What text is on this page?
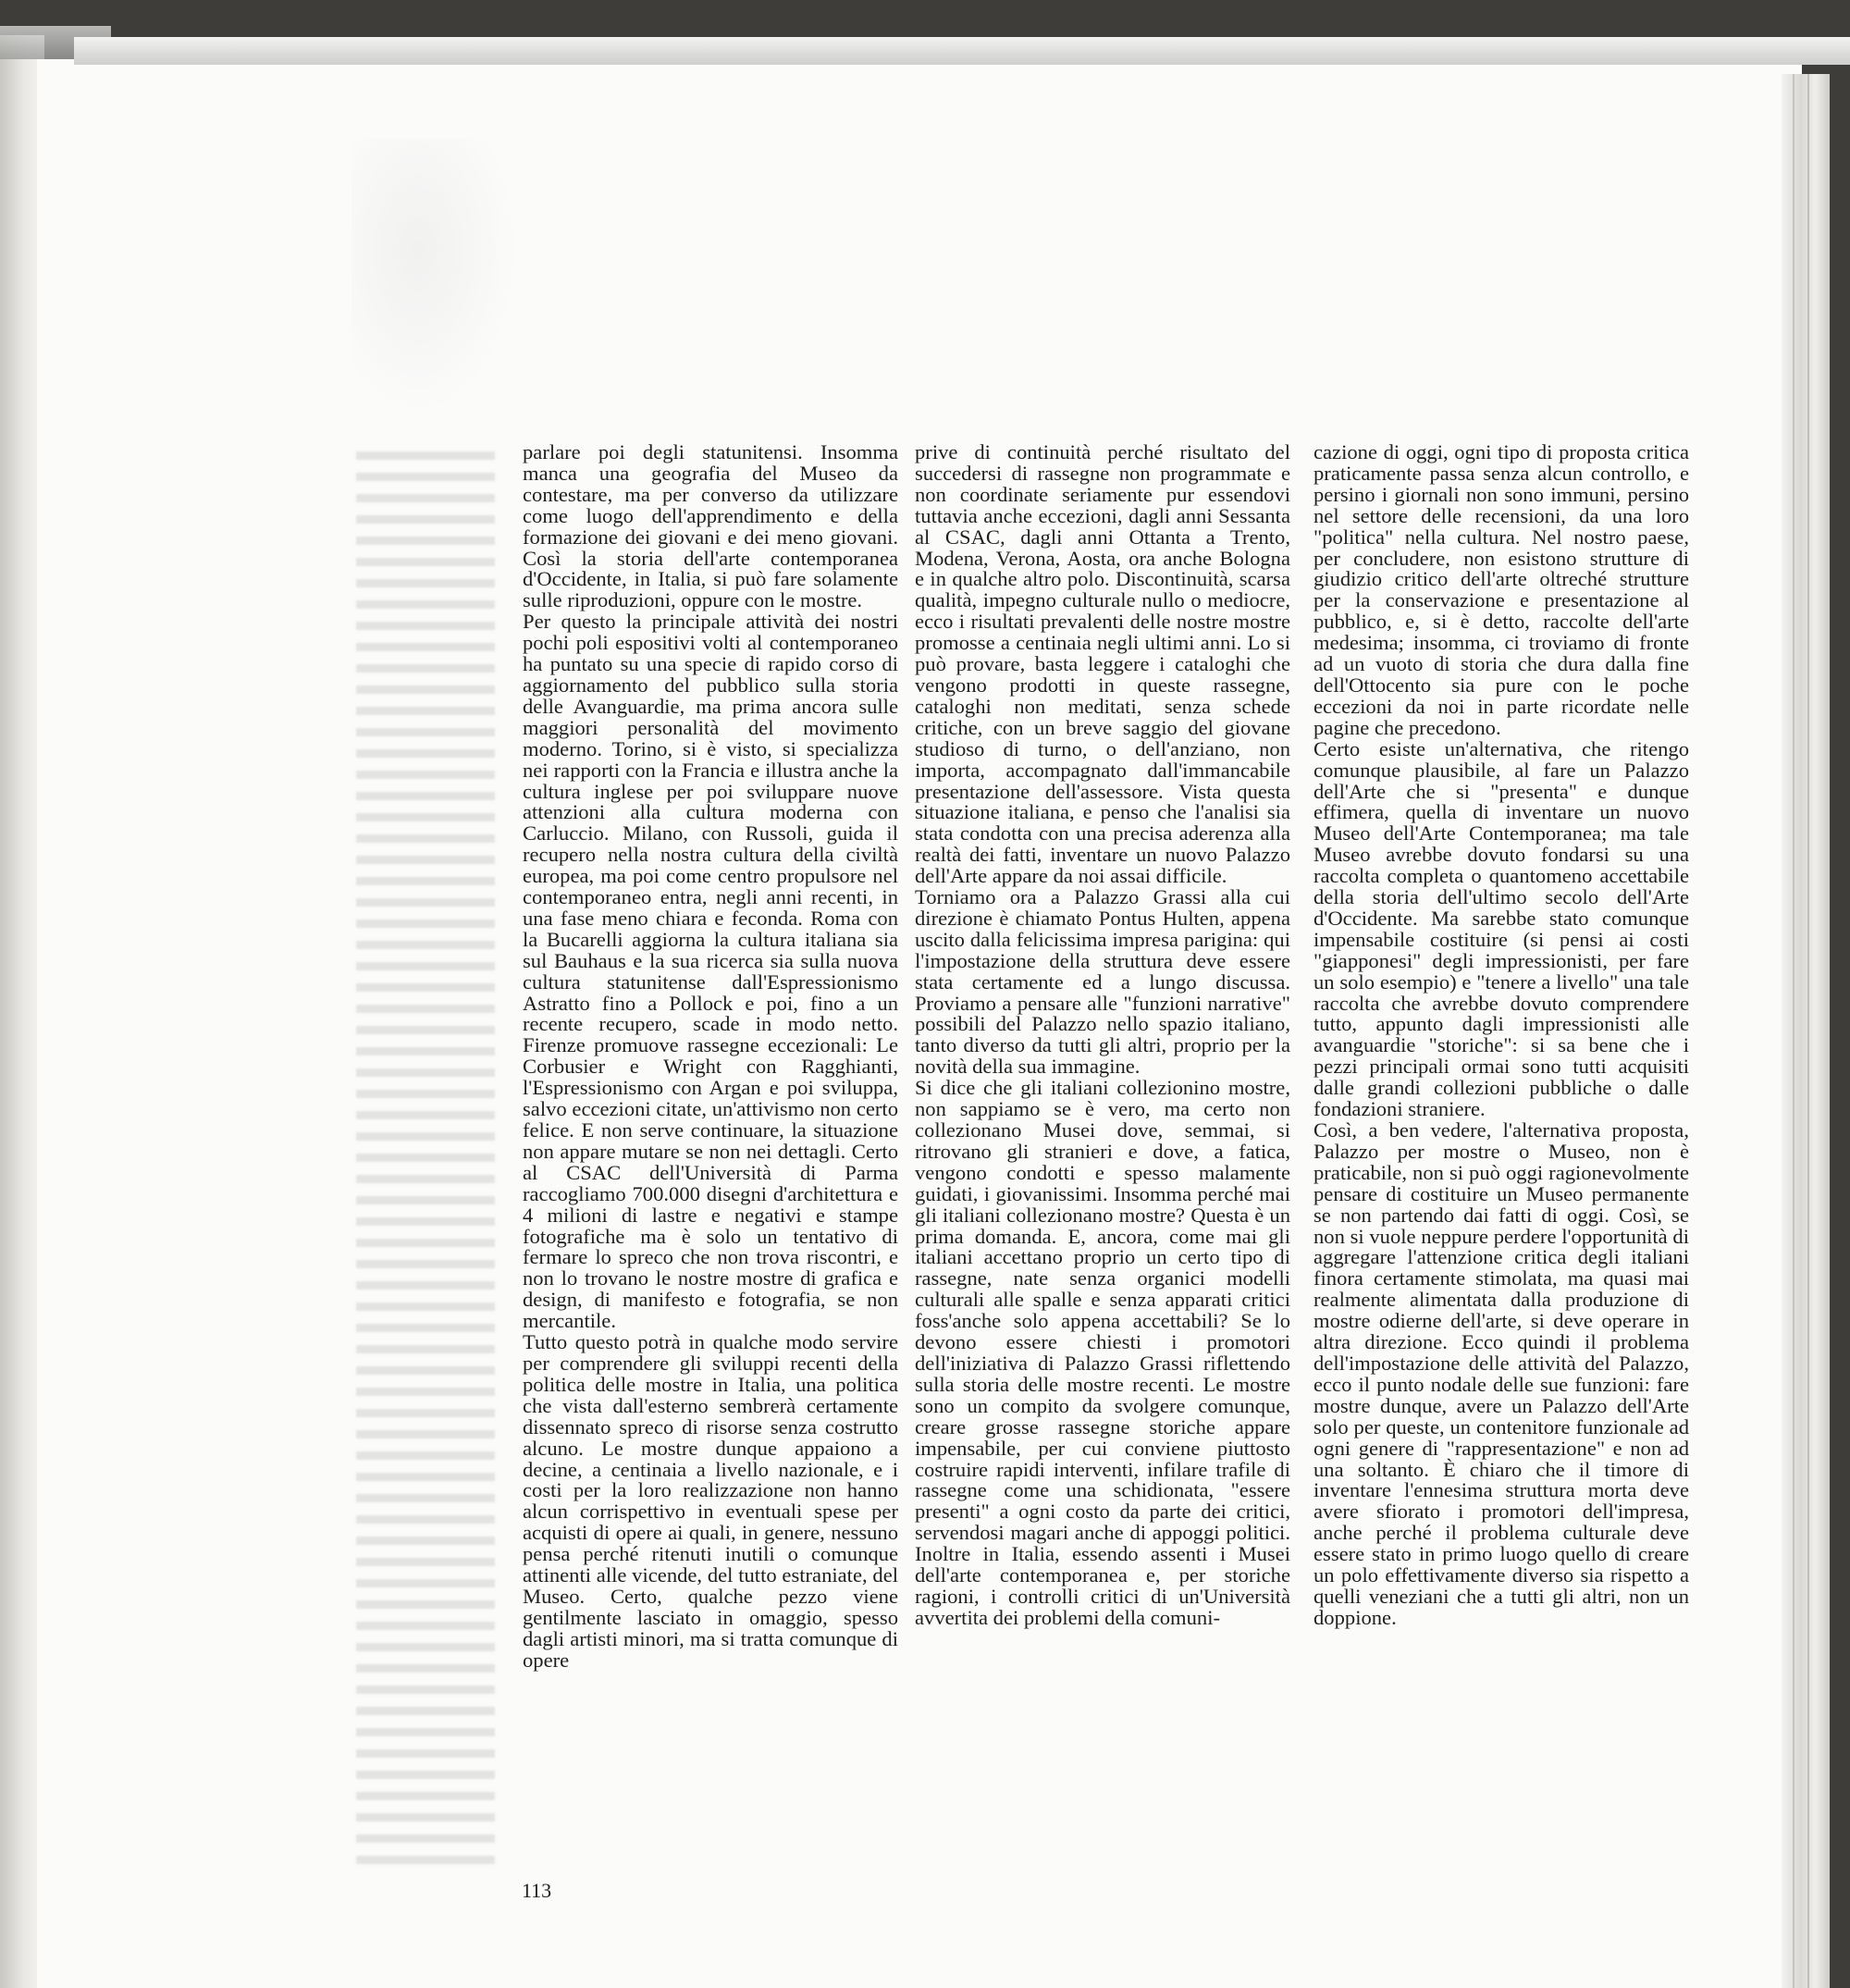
parlare poi degli statunitensi. Insomma manca una geografia del Museo da contestare, ma per converso da utilizzare come luogo dell'apprendimento e della formazione dei giovani e dei meno giovani. Così la storia dell'arte contemporanea d'Occidente, in Italia, si può fare solamente sulle riproduzioni, oppure con le mostre.

Per questo la principale attività dei nostri pochi poli espositivi volti al contemporaneo ha puntato su una specie di rapido corso di aggiornamento del pubblico sulla storia delle Avanguardie, ma prima ancora sulle maggiori personalità del movimento moderno. Torino, si è visto, si specializza nei rapporti con la Francia e illustra anche la cultura inglese per poi sviluppare nuove attenzioni alla cultura moderna con Carluccio. Milano, con Russoli, guida il recupero nella nostra cultura della civiltà europea, ma poi come centro propulsore nel contemporaneo entra, negli anni recenti, in una fase meno chiara e feconda. Roma con la Bucarelli aggiorna la cultura italiana sia sul Bauhaus e la sua ricerca sia sulla nuova cultura statunitense dall'Espressionismo Astratto fino a Pollock e poi, fino a un recente recupero, scade in modo netto. Firenze promuove rassegne eccezionali: Le Corbusier e Wright con Ragghianti, l'Espressionismo con Argan e poi sviluppa, salvo eccezioni citate, un'attivismo non certo felice. E non serve continuare, la situazione non appare mutare se non nei dettagli. Certo al CSAC dell'Università di Parma raccogliamo 700.000 disegni d'architettura e 4 milioni di lastre e negativi e stampe fotografiche ma è solo un tentativo di fermare lo spreco che non trova riscontri, e non lo trovano le nostre mostre di grafica e design, di manifesto e fotografia, se non mercantile.

Tutto questo potrà in qualche modo servire per comprendere gli sviluppi recenti della politica delle mostre in Italia, una politica che vista dall'esterno sembrerà certamente dissennato spreco di risorse senza costrutto alcuno. Le mostre dunque appaiono a decine, a centinaia a livello nazionale, e i costi per la loro realizzazione non hanno alcun corrispettivo in eventuali spese per acquisti di opere ai quali, in genere, nessuno pensa perché ritenuti inutili o comunque attinenti alle vicende, del tutto estraniate, del Museo. Certo, qualche pezzo viene gentilmente lasciato in omaggio, spesso dagli artisti minori, ma si tratta comunque di opere

prive di continuità perché risultato del succedersi di rassegne non programmate e non coordinate seriamente pur essendovi tuttavia anche eccezioni, dagli anni Sessanta al CSAC, dagli anni Ottanta a Trento, Modena, Verona, Aosta, ora anche Bologna e in qualche altro polo. Discontinuità, scarsa qualità, impegno culturale nullo o mediocre, ecco i risultati prevalenti delle nostre mostre promosse a centinaia negli ultimi anni. Lo si può provare, basta leggere i cataloghi che vengono prodotti in queste rassegne, cataloghi non meditati, senza schede critiche, con un breve saggio del giovane studioso di turno, o dell'anziano, non importa, accompagnato dall'immancabile presentazione dell'assessore. Vista questa situazione italiana, e penso che l'analisi sia stata condotta con una precisa aderenza alla realtà dei fatti, inventare un nuovo Palazzo dell'Arte appare da noi assai difficile.

Torniamo ora a Palazzo Grassi alla cui direzione è chiamato Pontus Hulten, appena uscito dalla felicissima impresa parigina: qui l'impostazione della struttura deve essere stata certamente ed a lungo discussa. Proviamo a pensare alle "funzioni narrative" possibili del Palazzo nello spazio italiano, tanto diverso da tutti gli altri, proprio per la novità della sua immagine.

Si dice che gli italiani collezionino mostre, non sappiamo se è vero, ma certo non collezionano Musei dove, semmai, si ritrovano gli stranieri e dove, a fatica, vengono condotti e spesso malamente guidati, i giovanissimi. Insomma perché mai gli italiani collezionano mostre? Questa è un prima domanda. E, ancora, come mai gli italiani accettano proprio un certo tipo di rassegne, nate senza organici modelli culturali alle spalle e senza apparati critici foss'anche solo appena accettabili? Se lo devono essere chiesti i promotori dell'iniziativa di Palazzo Grassi riflettendo sulla storia delle mostre recenti. Le mostre sono un compito da svolgere comunque, creare grosse rassegne storiche appare impensabile, per cui conviene piuttosto costruire rapidi interventi, infilare trafile di rassegne come una schidionata, "essere presenti" a ogni costo da parte dei critici, servendosi magari anche di appoggi politici. Inoltre in Italia, essendo assenti i Musei dell'arte contemporanea e, per storiche ragioni, i controlli critici di un'Università avvertita dei problemi della comuni-

cazione di oggi, ogni tipo di proposta critica praticamente passa senza alcun controllo, e persino i giornali non sono immuni, persino nel settore delle recensioni, da una loro "politica" nella cultura. Nel nostro paese, per concludere, non esistono strutture di giudizio critico dell'arte oltreché strutture per la conservazione e presentazione al pubblico, e, si è detto, raccolte dell'arte medesima; insomma, ci troviamo di fronte ad un vuoto di storia che dura dalla fine dell'Ottocento sia pure con le poche eccezioni da noi in parte ricordate nelle pagine che precedono.

Certo esiste un'alternativa, che ritengo comunque plausibile, al fare un Palazzo dell'Arte che si "presenta" e dunque effimera, quella di inventare un nuovo Museo dell'Arte Contemporanea; ma tale Museo avrebbe dovuto fondarsi su una raccolta completa o quantomeno accettabile della storia dell'ultimo secolo dell'Arte d'Occidente. Ma sarebbe stato comunque impensabile costituire (si pensi ai costi "giapponesi" degli impressionisti, per fare un solo esempio) e "tenere a livello" una tale raccolta che avrebbe dovuto comprendere tutto, appunto dagli impressionisti alle avanguardie "storiche": si sa bene che i pezzi principali ormai sono tutti acquisiti dalle grandi collezioni pubbliche o dalle fondazioni straniere.

Così, a ben vedere, l'alternativa proposta, Palazzo per mostre o Museo, non è praticabile, non si può oggi ragionevolmente pensare di costituire un Museo permanente se non partendo dai fatti di oggi. Così, se non si vuole neppure perdere l'opportunità di aggregare l'attenzione critica degli italiani finora certamente stimolata, ma quasi mai realmente alimentata dalla produzione di mostre odierne dell'arte, si deve operare in altra direzione. Ecco quindi il problema dell'impostazione delle attività del Palazzo, ecco il punto nodale delle sue funzioni: fare mostre dunque, avere un Palazzo dell'Arte solo per queste, un contenitore funzionale ad ogni genere di "rappresentazione" e non ad una soltanto. È chiaro che il timore di inventare l'ennesima struttura morta deve avere sfiorato i promotori dell'impresa, anche perché il problema culturale deve essere stato in primo luogo quello di creare un polo effettivamente diverso sia rispetto a quelli veneziani che a tutti gli altri, non un doppione.

113
